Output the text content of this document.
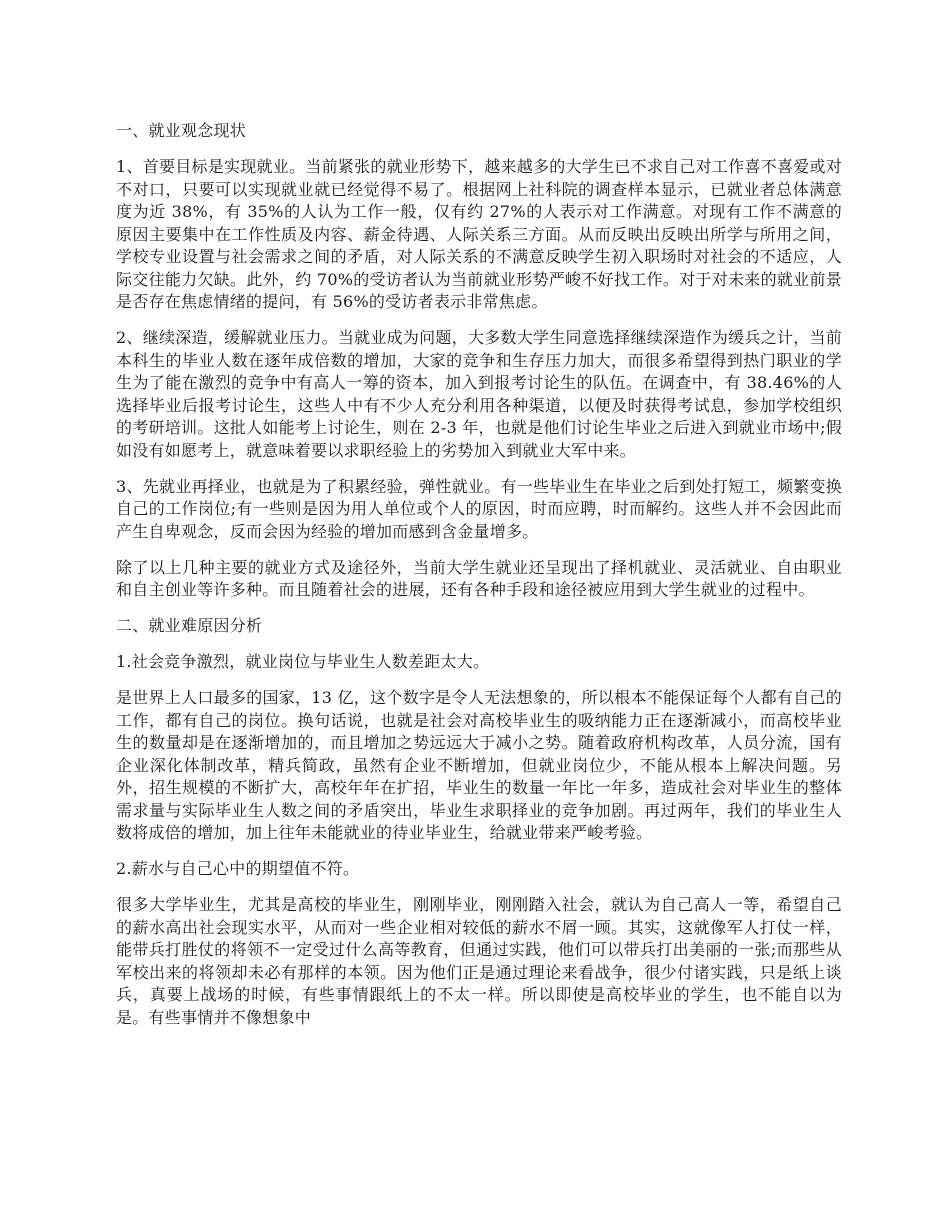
一、就业观念现状

1、首要目标是实现就业。当前紧张的就业形势下，越来越多的大学生已不求自己对工作喜不喜爱或对不对口，只要可以实现就业就已经觉得不易了。根据网上社科院的调查样本显示，已就业者总体满意度为近 38%，有 35%的人认为工作一般，仅有约 27%的人表示对工作满意。对现有工作不满意的原因主要集中在工作性质及内容、薪金待遇、人际关系三方面。从而反映出反映出所学与所用之间，学校专业设置与社会需求之间的矛盾，对人际关系的不满意反映学生初入职场时对社会的不适应，人际交往能力欠缺。此外，约 70%的受访者认为当前就业形势严峻不好找工作。对于对未来的就业前景是否存在焦虑情绪的提问，有 56%的受访者表示非常焦虑。

2、继续深造，缓解就业压力。当就业成为问题，大多数大学生同意选择继续深造作为缓兵之计，当前本科生的毕业人数在逐年成倍数的增加，大家的竞争和生存压力加大，而很多希望得到热门职业的学生为了能在激烈的竞争中有高人一筹的资本，加入到报考讨论生的队伍。在调查中，有 38.46%的人选择毕业后报考讨论生，这些人中有不少人充分利用各种渠道，以便及时获得考试息，参加学校组织的考研培训。这批人如能考上讨论生，则在 2-3 年，也就是他们讨论生毕业之后进入到就业市场中;假如没有如愿考上，就意味着要以求职经验上的劣势加入到就业大军中来。

3、先就业再择业，也就是为了积累经验，弹性就业。有一些毕业生在毕业之后到处打短工，频繁变换自己的工作岗位;有一些则是因为用人单位或个人的原因，时而应聘，时而解约。这些人并不会因此而产生自卑观念，反而会因为经验的增加而感到含金量增多。

除了以上几种主要的就业方式及途径外，当前大学生就业还呈现出了择机就业、灵活就业、自由职业和自主创业等许多种。而且随着社会的进展，还有各种手段和途径被应用到大学生就业的过程中。

二、就业难原因分析

1.社会竞争激烈，就业岗位与毕业生人数差距太大。

是世界上人口最多的国家，13 亿，这个数字是令人无法想象的，所以根本不能保证每个人都有自己的工作，都有自己的岗位。换句话说，也就是社会对高校毕业生的吸纳能力正在逐渐减小，而高校毕业生的数量却是在逐渐增加的，而且增加之势远远大于减小之势。随着政府机构改革，人员分流，国有企业深化体制改革，精兵简政，虽然有企业不断增加，但就业岗位少，不能从根本上解决问题。另外，招生规模的不断扩大，高校年年在扩招，毕业生的数量一年比一年多，造成社会对毕业生的整体需求量与实际毕业生人数之间的矛盾突出，毕业生求职择业的竞争加剧。再过两年，我们的毕业生人数将成倍的增加，加上往年未能就业的待业毕业生，给就业带来严峻考验。

2.薪水与自己心中的期望值不符。

很多大学毕业生，尤其是高校的毕业生，刚刚毕业，刚刚踏入社会，就认为自己高人一等，希望自己的薪水高出社会现实水平，从而对一些企业相对较低的薪水不屑一顾。其实，这就像军人打仗一样，能带兵打胜仗的将领不一定受过什么高等教育，但通过实践，他们可以带兵打出美丽的一张;而那些从军校出来的将领却未必有那样的本领。因为他们正是通过理论来看战争，很少付诸实践，只是纸上谈兵，真要上战场的时候，有些事情跟纸上的不太一样。所以即使是高校毕业的学生，也不能自以为是。有些事情并不像想象中
